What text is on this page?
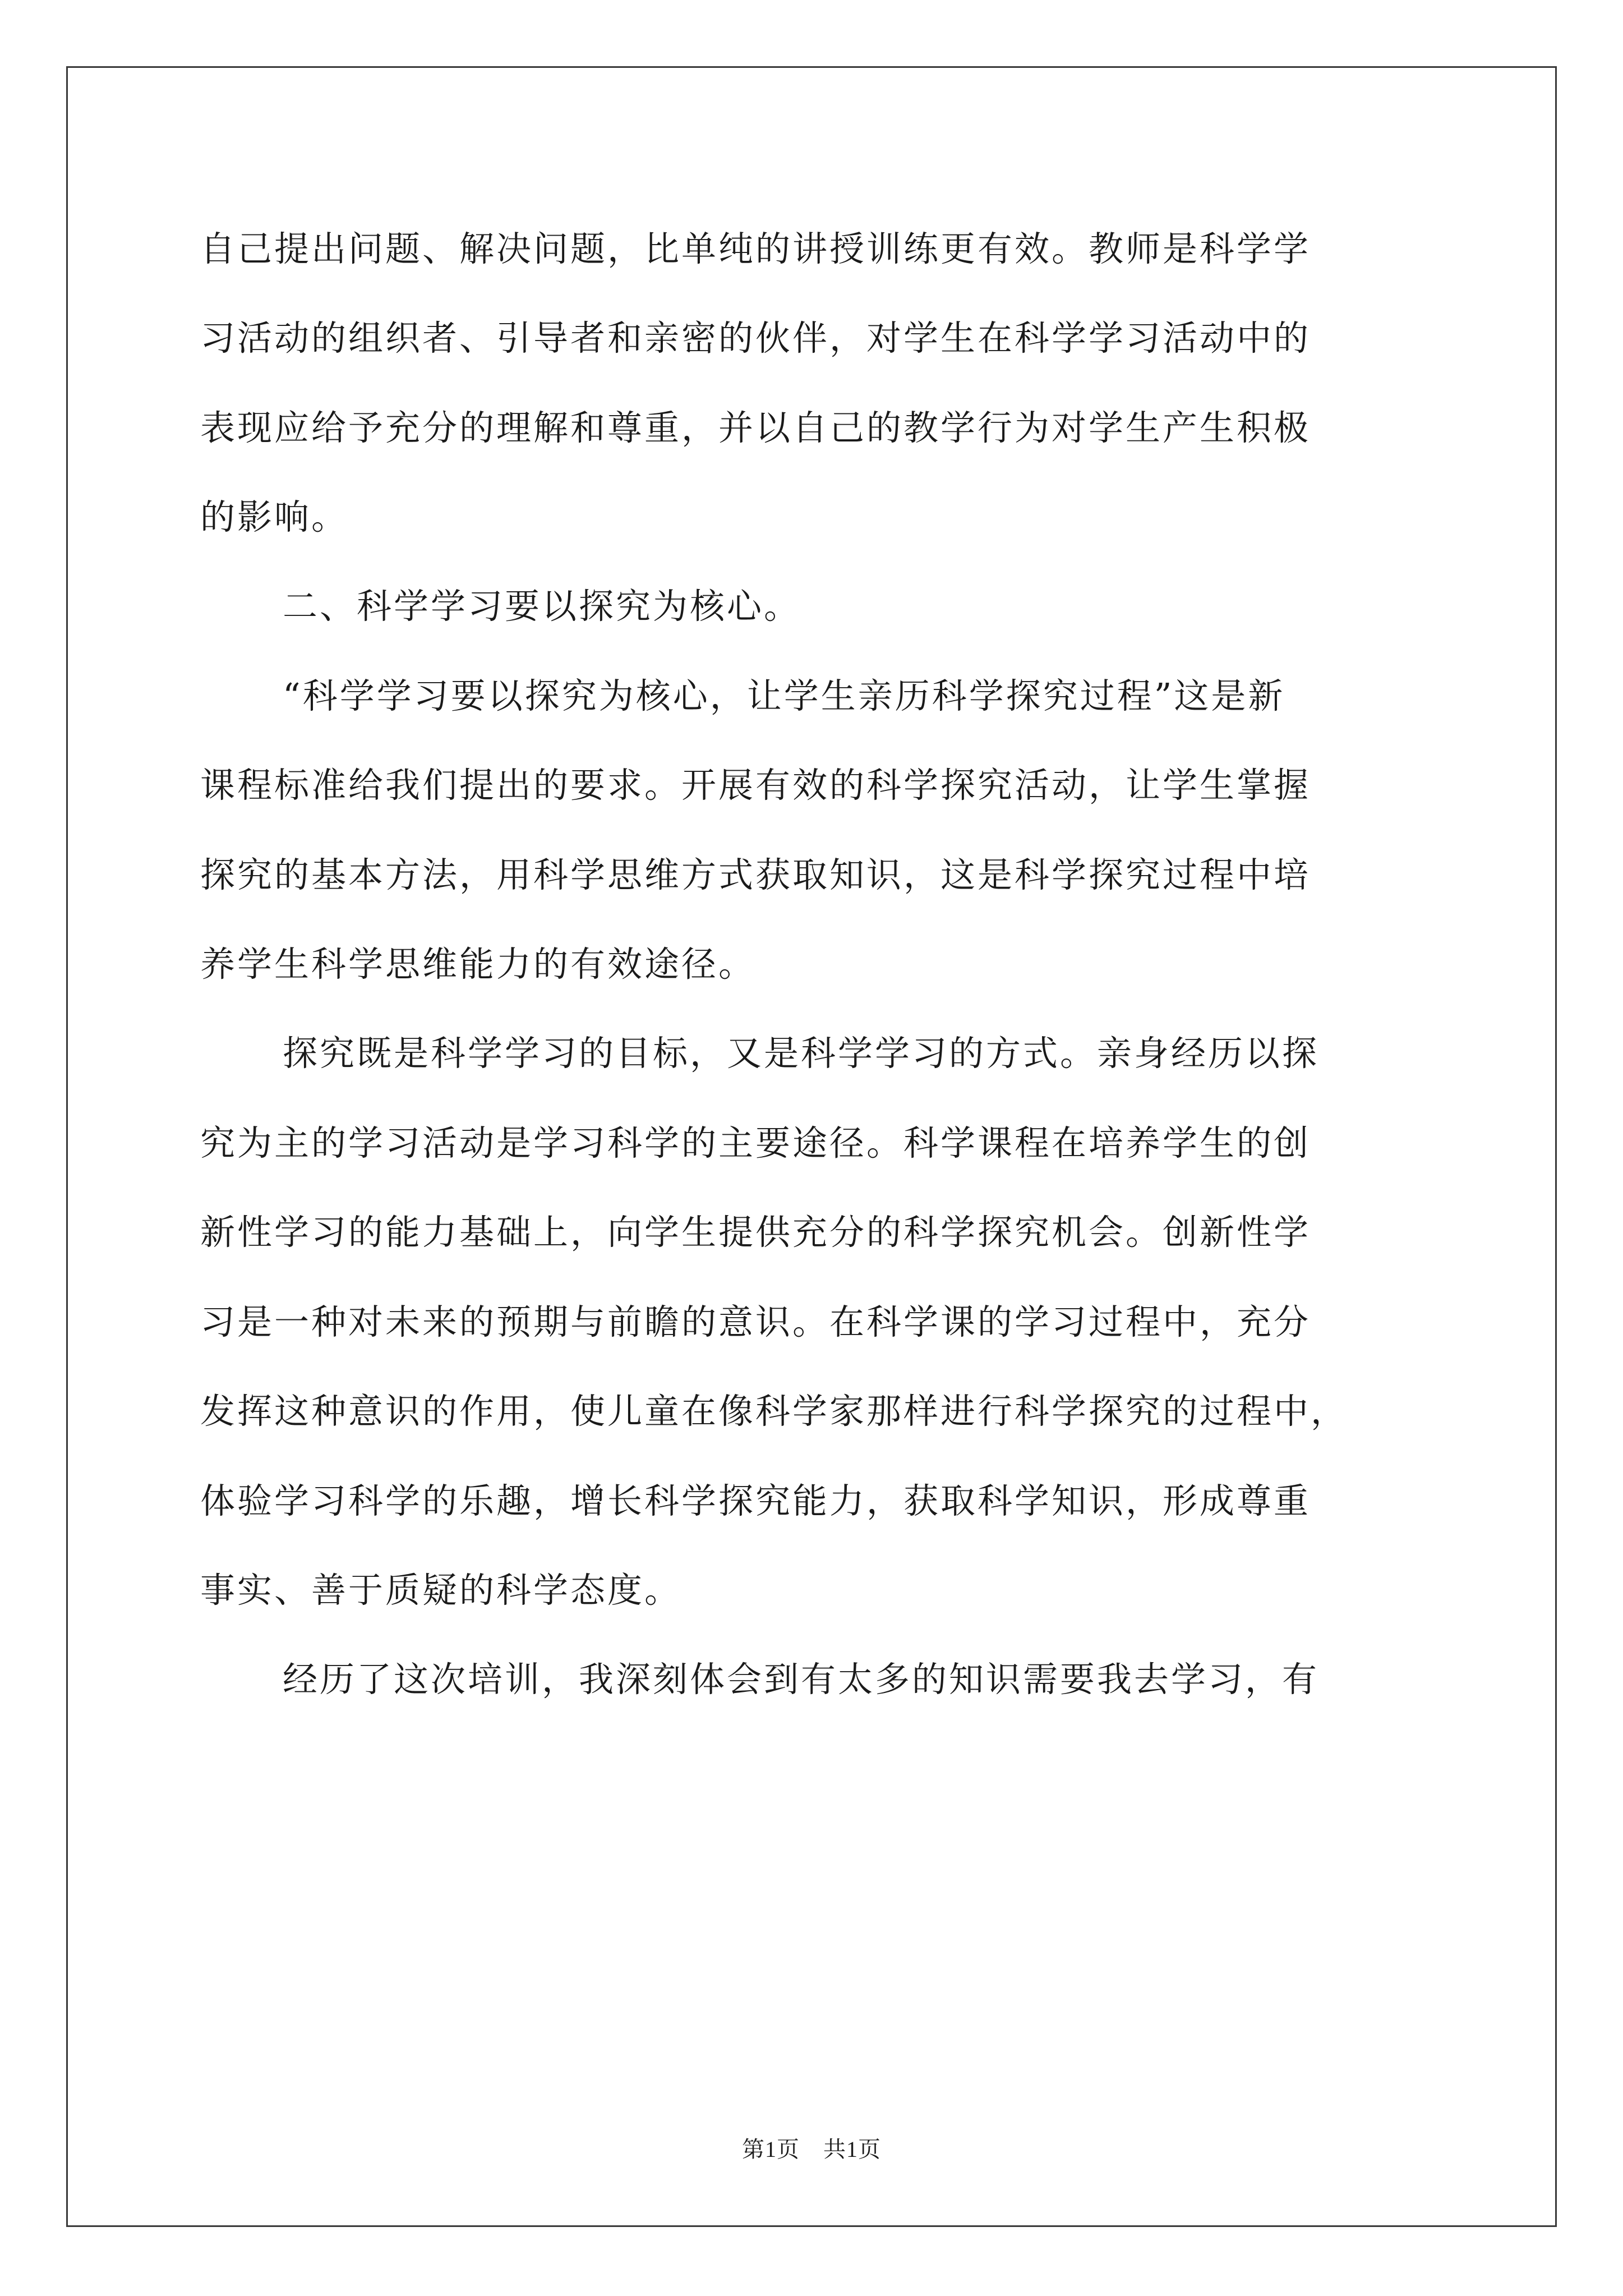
自己提出问题、解决问题，比单纯的讲授训练更有效。教师是科学学

习活动的组织者、引导者和亲密的伙伴，对学生在科学学习活动中的

表现应给予充分的理解和尊重，并以自己的教学行为对学生产生积极

的影响。

二、科学学习要以探究为核心。

“科学学习要以探究为核心，让学生亲历科学探究过程”这是新

课程标准给我们提出的要求。开展有效的科学探究活动，让学生掌握

探究的基本方法，用科学思维方式获取知识，这是科学探究过程中培

养学生科学思维能力的有效途径。

探究既是科学学习的目标，又是科学学习的方式。亲身经历以探

究为主的学习活动是学习科学的主要途径。科学课程在培养学生的创

新性学习的能力基础上，向学生提供充分的科学探究机会。创新性学

习是一种对未来的预期与前瞻的意识。在科学课的学习过程中，充分

发挥这种意识的作用，使儿童在像科学家那样进行科学探究的过程中，

体验学习科学的乐趣，增长科学探究能力，获取科学知识，形成尊重

事实、善于质疑的科学态度。

经历了这次培训，我深刻体会到有太多的知识需要我去学习，有

第1页 共1页
